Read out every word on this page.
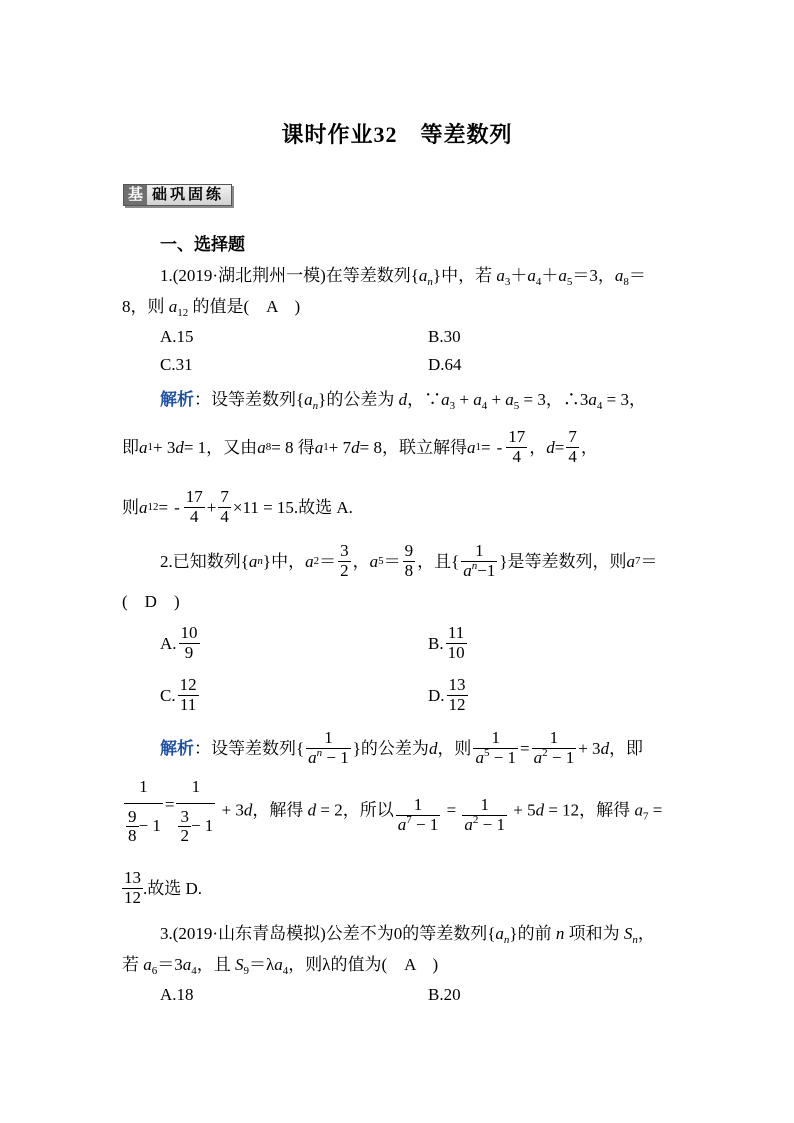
课时作业32　等差数列
基 础巩固练
一、选择题
1.(2019·湖北荆州一模)在等差数列$\{a_n\}$中，若 $a_3+a_4+a_5=3$，$a_8=$
8，则 $a_{12}$ 的值是(　A　)
A.15	B.30
C.31	D.64
解析：设等差数列$\{a_n\}$的公差为 d，$\because a_3 + a_4 + a_5 = 3$，$\therefore 3a_4 = 3$，
即 a 1 + 3 d = 1，又由 a 8 = 8 得 a 1 + 7 d = 8，联立解得 a 1 = - $\frac{17}{4}$ ， $d = \frac{7}{4}$ ，
则 a 12 = - $\frac{17}{4} + \frac{7}{4} \times 11 = 15$.故选 A.
2.已知数列{ a n }中， a $2 = \frac{3}{2}$ ， a $5 = \frac{9}{8}$ ，且{ $\frac{1}{a^n-1}$ }是等差数列，则 a 7 ＝
(　D　)
A. $\frac{10}{9}$	B. $\frac{11}{10}$
C. $\frac{12}{11}$	D. $\frac{13}{12}$
解析 ：设等差数列{ $\frac{1}{a^n - 1}$ }的公差为 d ，则 $\frac{1}{a^5 - 1} = \frac{1}{a^2 - 1} + 3$ d ，即
$\frac{1}{\frac{9}{8} - 1} = \frac{1}{\frac{3}{2} - 1} + 3d$，解得 d = 2，所以 $\frac{1}{a^7 - 1} = \frac{1}{a^2 - 1} + 5d = 12$，解得 $a_7$ =
$\frac{13}{12}$ .故选 D.
3.(2019·山东青岛模拟)公差不为0的等差数列$\{a_n\}$的前 n 项和为 $S_n$，
若 $a_6=3a_4$，且 $S_9=\lambda a_4$，则λ的值为(　A　)
A.18	B.20
